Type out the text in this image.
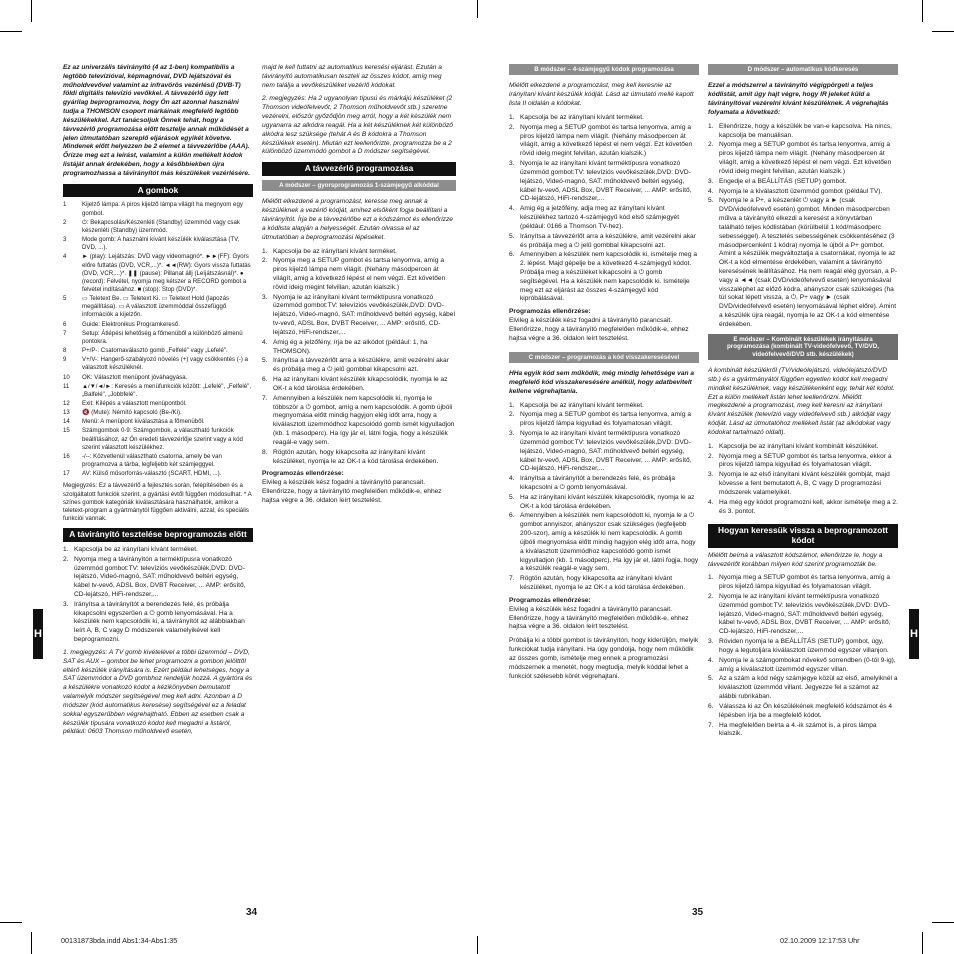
Ez az univerzális távirányító (4 az 1-ben) kompatibilis a legtöbb televízióval, képmagnóval, DVD lejátszóval és műholdvevővel valamint az infravörös vezérlésű (DVB-T) földi digitális televízió vevőkkel. A távvezérlő úgy lett gyárilag beprogramozva, hogy Ön azt azonnal használni tudja a THOMSON csoport márkáinak megfelelő legtöbb készülékekkel. Azt tanácsoljuk Önnek tehát, hogy a távvezérlő programozása előtt tesztelje annak működését a jelen útmutatóban szereplő eljárások egyikét követve. Mindenek előtt helyezzen be 2 elemet a távvezérlőbe (AAA). Őrizze meg ezt a leírást, valamint a külön mellékelt kódok listáját annak érdekében, hogy a későbbiekben újra programozhassa a távirányítót más készülékek vezérlésére.

A gombok
1	Kijelző lámpa: A piros kijelző lámpa világít ha megnyom egy gombot.
2	⏻: Bekapcsolás/Készenléti (Standby) üzemmód vagy csak készenléti (Standby) üzemmód.
3	Mode gomb: A használni kívánt készülék kiválasztása (TV, DVD, ...).
4	► (play): Lejátszás: DVD vagy videomagnó*. ►►(FF): Gyors előre futtatás (DVD, VCR,...)*. ◄◄(RW): Gyors vissza futtatás (DVD, VCR,...)*. ❚❚ (pause): Pillanat állj (Leíjátszásnál)*. ● (record): Felvétel, nyomja meg kétszer a RECORD gombot a felvétel indításához. ■ (stop): Stop (DVD)*.
5	▭ Teletext Be. ▭ Teletext Ki. ▭ Teletext Hold (lapozás megállítása). ▭ A választott üzemmóddal összefüggő információk a kijelzőn.
6	Guide: Elektronikus Programkereső.
7	Setup: Átlépési lehetőség a főmenüből a különböző almenü pontokra.
8	P+/P-: Csatornaválasztó gomb „Felfelé" vagy „Lefelé".
9	V+/V-: Hangerő-szabályozó növelés (+) vagy csökkentés (-) a választott készüléknél.
10 OK: Választott menüpont jóváhagyása.
11 ▲/▼/◄/►: Keresés a menüfunkciók között: „Lefelé", „Felfelé", „Balfelé", „Jobbfelé".
12 Exit: Kilépés a választott menüpontból.
13 🔇 (Mute): Némító kapcsoló (Be-/Ki).
14 Menü: A menüpont kiválasztása a főmenüből.
15 Számgombok 0-9: Számgombok, a választható funkciók beállításához, az Ön eredeti távvezérlője szerint vagy a kód szerint választott készülékhez.
16 -/--: Közvetlenül választható csatorna, amely be van programozva a tárba, legfeljebb két számjeggyel.
17 AV: Külső műsorforrás-választó (SCART, HDMI, ...).

Megjegyzés: Ez a távvezérlő a fejlesztés során, felépítésében és a szolgáltatott funkciók szerint, a gyártási évtől függően módosulhat. * A színes gombok kategóriák kiválasztására használhatók, amikor a teletext-program a gyártmánytól függően aktiválni, azzal, és speciális funkciói vannak.

A távirányító tesztelése beprogramozás előtt
1. Kapcsolja be az irányítani kívánt terméket.
2. Nyomja meg a távirányítón a terméktípusra vonatkozó üzemmód gombot:TV: televíziós vevőkészülék,DVD: DVD-lejátszó, Videó-magnó, SAT: műholdvevő beltéri egység, kábel tv-vevő, ADSL Box, DVBT Receiver, ... AMP: erősítő, CD-lejátszó, HiFi-rendszer,...
3. Irányítsa a távirányítót a berendezés felé, és próbálja kikapcsolni egyszerűen a ⏻ gomb lenyomásával. Ha a készülék nem kapcsolódik ki, a távirányítót az alábbiakban leírt A, B, C vagy D módszerek valamelyikével kell beprogramozni.

1. megjegyzés: A TV gomb kivételével a többi üzemmód – DVD, SAT és AUX – gombot be lehet programozni a gombon jelölttől eltérő készülék irányítására is. Ezért például lehetséges, hogy a SAT üzemmódot a DVD gombhoz rendeljük hozzá. A gyártóra és a készülékre vonatkozó kódot a kézikönyvben bemutatott valamelyik módszer segítségével meg kell adni. Azonban a D módszer (kód automatikus keresése) segítségével ez a feladat sokkal egyszerűbben végrehajtható. Ebben az esetben csak a készülék típusára vonatkozó kódot kell megadni a listáról, például: 0603 Thomson műholdvevő esetén,

majd le kell futtatni az automatikus keresési eljárást. Ezután a távirányító automatikusan teszteli az összes kódot, amíg meg nem találja a vevőkészüléket vezérlő kódokat.

2. megjegyzés: Ha 2 ugyanolyan típusú és márkájú készüléket (2 Thomson videófelvevőt, 2 Thomson műholdvevőt stb.) szeretne vezérelni, először győződjön meg arról, hogy a két készülék nem ugyanarra az alkódra reagál. Ha a két készüléknek két különböző alkódra lesz szüksége (tehát A és B kódokra a Thomson készülékek esetén). Miután ezt leellenőrizte, programozza be a 2 különböző üzemmódó gombot a D módszer segítségével.

A távvezérlő programozása
A módszer – gyorsprogramozás 1-számjegyű alkóddal

Miélőtt elkezdené a programozást, keresse meg annak a készüléknek a vezérlő kódját, amihez elsőként fogja beállítani a távirányítót. Írja be a távvezérlőbe ezt a kódszámot és ellenőrizze a kódlista alapján a helyességét. Ezután olvassa el az útmutatóban a beprogramozási lépéseket.

1. Kapcsolja be az irányítani kívánt terméket.
2. Nyomja meg a SETUP gombot és tartsa lenyomva, amíg a piros kijelző lámpa nem világít. (Nehány másodpercen át világít, amig a következő lépést el nem végzi. Ezt követően rövid ideig megint felvillan, azután kialszik.)
3. Nyomja le az irányítani kívánt terméktípusra vonatkozó üzemmód gombot:TV: televíziós vevőkészülék,DVD: DVD-lejátszó, Videó-magnó, SAT: műholdvevő beltéri egység, kábel tv-vevő, ADSL Box, DVBT Receiver, ... AMP: erősítő, CD-lejátszó, HiFi-rendszer,...
4. Amig ég a jelzőfény, írja be az alkódot (például: 1, ha THOMSON).
5. Irányítsa a távvezérlőt arra a készülékre, amit vezérelni akar és próbálja meg a ⏻ jelű gombbal kikapcsolni azt.
6. Ha az irányítani kívánt készülék kikapcsolódik, nyomja le az OK-t a kód tárolása érdekében.
7. Amennyiben a készülék nem kapcsolódik ki, nyomja le többször a ⏻ gombot, amíg a nem kapcsolódik. A gomb újbóli megnyomása előtt mindig hagyjon elég időt arra, hogy a kiválasztott üzemmódhoz kapcsolódó gomb ismét kigyulladjon (kb. 1 másodperc). Ha így jár el, látni fogja, hogy a készülék reagál-e vagy sem.
8. Rögtön azután, hogy kikapcsolta az irányítani kívánt készüléket, nyomja le az OK-t a kód tárolása érdekében.
Programozás ellenőrzése:

Elvileg a készülék kész fogadni a távirányító parancsait. Ellenőrizze, hogy a távirányító megfelelően működik-e, ehhez hajtsa végre a 36. oldalon leírt tesztelést.

B módszer – 4-számjegyű kódok programozása

Miélőtt elkezdené a programozást, meg kell keresnie az irányítani kívánt készülék kódját. Lásd az útmutató mellé kapott lista II oldalán a kódokat.

1. Kapcsolja be az irányítani kívánt terméket.
2. Nyomja meg a SETUP gombot és tartsa lenyomva, amíg a piros kijelző lámpa nem világít. (Nehány másodpercen át világít, amig a következő lépést el nem végzi. Ezt követően rövid ideig megint felvillan, azután kialszik.)
3. Nyomja le az irányítani kívánt terméktípusra vonatkozó üzemmód gombot:TV: televíziós vevőkészülék,DVD: DVD-lejátszó, Videó-magnó, SAT: műholdvevő beltéri egység, kábel tv-vevő, ADSL Box, DVBT Receiver, ... AMP: erősítő, CD-lejátszó, HiFi-rendszer,...
4. Amig ég a jelzőfény, adja meg az irányítani kívánt készülékhez tartozó 4-számjegyű kód első számjegyét (például: 0166 a Thomson TV-hez).
5. Irányítsa a távvezérlőt arra a készülékre, amit vezérelni akar és próbálja meg a ⏻ jelű gombbal kikapcsolni azt.
6. Amennyiben a készülék nem kapcsolódik ki, ismételje meg a 2. lépést. Majd gépelje be a következő 4-számjegyű kódot. Próbálja meg a készüléket kikapcsolni a ⏻ gomb segítségével. Ha a készülék nem kapcsolódik ki. Ismételje meg ezt az eljárást az összes 4-számjegyű kód kipróbálásával.
Programozás ellenőrzése:

Elvileg a készülék kész fogadni a távirányító parancsait. Ellenőrizze, hogy a távirányító megfelelően működik-e, ehhez hajtsa végre a 36. oldalon leírt tesztelést.

C módszer – programozás a kód visszakeresésével

HHa egyik kód sem működik, még mindig lehetősége van a megfelelő kód visszakeresésére anélkül, hogy adatbevitelt kellene végrehajtania.

1. Kapcsolja be az irányítani kívánt terméket.
2. Nyomja meg a SETUP gombot és tartsa lenyomva, amíg a piros kijelző lámpa kigyullad és folyamatosan világít.
3. Nyomja le az irányítani kívánt terméktípusra vonatkozó üzemmód gombot:TV: televíziós vevőkészülék,DVD: DVD-lejátszó, Videó-magnó, SAT: műholdvevő beltéri egység, kábel tv-vevő, ADSL Box, DVBT Receiver, ... AMP: erősítő, CD-lejátszó, HiFi-rendszer,...
4. Irányítsa a távirányítót a berendezés felé, és próbálja kikapcsolni a ⏻ gomb lenyomásával.
5. Ha az irányítani kívánt készülék kikapcsolódik, nyomja le az OK-t a kód tárolása érdekében.
6. Amennyiben a készülék nem kapcsolódott ki, nyomja le a ⏻ gombot annyiszor, ahányszor csak szükséges (legfeljebb 200-szor), amíg a készülék ki nem kapcsolódik. A gomb újbóli megnyomása előtt mindig hagyjon elég időt arra, hogy a kiválasztott üzemmódhoz kapcsolódó gomb ismét kigyulladjon (kb. 1 másodperc). Ha így jár el, látni fogja, hogy a készülék reagál-e vagy sem.
7. Rögtön azután, hogy kikapcsolta az irányítani kívánt készüléket, nyomja le az OK-t a kód tárolása érdekében.
Programozás ellenőrzése:

Elvileg a készülék kész fogadni a távirányító parancsait. Ellenőrizze, hogy a távirányító megfelelően működik-e, ehhez hajtsa végre a 36. oldalon leírt tesztelést.

Próbálja ki a többi gombot is távirányítón, hogy kiderüljön, melyik funkciókat tudja irányítani. Ha úgy gondolja, hogy nem működik az összes gomb, ismételje meg ennek a programozási módszernek a menetét, hogy megtudja, melyik kóddal lehet a funkciót szélesebb körét végrehajtani.

D módszer – automatikus kódkeresés

Ezzel a módszerrel a távirányító végigpörgeti a teljes kódlistát, amit úgy hajt végre, hogy IR jeleket küld a távirányítóval vezérelni kívánt készüléknek. A végrehajtás folyamata a következő:

1. Ellenőrizze, hogy a készülék be van-e kapcsolva. Ha nincs, kapcsolja be manuálisan.
2. Nyomja meg a SETUP gombot és tartsa lenyomva, amíg a piros kijelző lámpa nem világít. (Nehány másodpercen át világít, amig a következő lépést el nem végzi. Ezt követően rövid ideig megint felvillan, azután kialszik.)
3. Engedje el a BEÁLLÍTÁS (SETUP) gombot.
4. Nyomja le a kiválasztott üzemmód gombot (például TV).
5. Nyomja le a P+, a készenlét ⏻ vagy a ► (csak DVD/videófelvevő esetén) gombot. Minden másodpercben műlva a távirányító elkezdi a keresést a könyvtárban található teljes kódlistában (körülbelül 1 kód/másodperc sebességgel). A tesztelés sebességének csökkentéséhez (3 másodpercenként 1 kódra) nyomja le újból a P+ gombot. Amint a készülék megváltoztatja a csatornákat, nyomja le az OK-t a kód elmentése érdekében, valamint a távirányító keresésének leállításához. Ha nem reagál elég gyorsan, a P- vagy a ◄◄ (csak DVD/videófelvevő esetén) lenyomásával visszaléphet az előző kódra, ahányszor csak szükséges (ha túl sokat lépett vissza, a ⏻, P+ vagy ► (csak DVD/videófelvevő esetén) lenyomásával léphet előre). Amint a készülék újra reagál, nyomja le az OK-t a kód elmentése érdekében.
E módszer – Kombinált készülékek irányítására programozása (kombinált TV-videófelvevő, TV/DVD, videófelvevő/DVD stb. készülékek)

A kombinált készülékről (TV/videólejátszó, videólejátszó/DVD stb.) és a gyártmányától függően egyetlen kódot kell megadni mindkét készüléknek, vagy készülékenként egy, tehát két kódot. Ezt a külön mellékelt listán lehet leellenőrizni. Miélőtt megkezdené a programozást, meg kell keresni az irányítani kívánt készülék (televízió vagy videófelvevő stb.) alkódját vagy kódját. Lásd az útmutatóhoz mellékelt listát (az alkódokat vagy kódokat tartalmazó oldalt).

1. Kapcsolja be az irányítani kívánt kombinált készüléket.
2. Nyomja meg a SETUP gombot és tartsa lenyomva, ekkor a piros kijelző lámpa kigyullad és folyamatosan világít.
3. Nyomja le az első irányítani kívánt készülék gombját, majd kövesse a fent bemutatott A, B, C vagy D programozási módszerek valamelyikét.
4. Ha még egy kódot programozni kell, akkor ismételje meg a 2. és 3. pontot.
Hogyan keressük vissza a beprogramozott kódot

Miélőtt beírná a választott kódszámot, ellenőrizze le, hogy a távvezérlőt korábban milyen kód szerint programozták be.

1. Nyomja meg a SETUP gombot és tartsa lenyomva, amíg a piros kijelző lámpa kigyullad és folyamatosan világít.
2. Nyomja le az irányítani kívánt terméktípusra vonatkozó üzemmód gombot:TV: televíziós vevőkészülék,DVD: DVD-lejátszó, Videó-magnó, SAT: műholdvevő beltéri egység, kábel tv-vevő, ADSL Box, DVBT Receiver, ... AMP: erősítő, CD-lejátszó, HiFi-rendszer,...
3. Röviden nyomja le a BEÁLLÍTÁS (SETUP) gombot, úgy, hogy a legutoljára kiválasztott üzemmód egyszer villanjon.
4. Nyomja le a számgombokat növekvő sorrendben (0-tól 9-ig), amíg a kiválasztott üzemmód egyszer villan.
5. Az a szám a kód négy számjegye közül az első, amelyiknél a kiválasztott üzemmód villant. Jegyezze fel a számot az alábbi rubrikában.
6. Válassza ki az Ön készülékének megfelelő kódszámot és 4 lépésben írja be a megfelelő kódot.
7. Ha megfelelően beírta a 4.-ik számot is, a piros lámpa kialszik.
H	H
34	35
00131873bda.indd Abs1:34-Abs1:35	02.10.2009 12:17:53 Uhr
